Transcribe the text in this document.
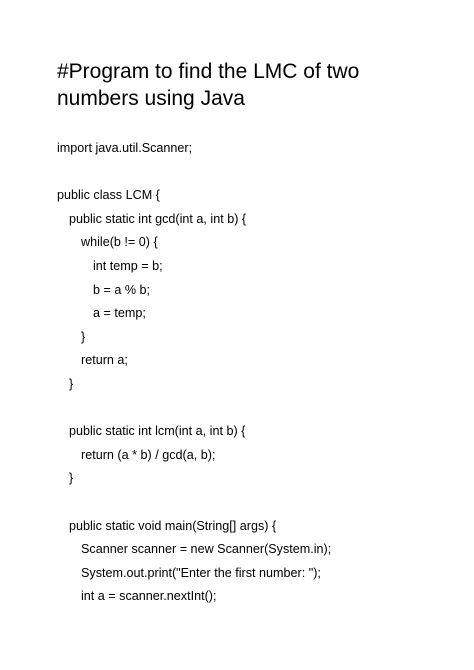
#Program to find the LMC of two numbers using Java
import java.util.Scanner;
public class LCM {
public static int gcd(int a, int b) {
while(b != 0) {
int temp = b;
b = a % b;
a = temp;
}
return a;
}
public static int lcm(int a, int b) {
return (a * b) / gcd(a, b);
}
public static void main(String[] args) {
Scanner scanner = new Scanner(System.in);
System.out.print("Enter the first number: ");
int a = scanner.nextInt();
